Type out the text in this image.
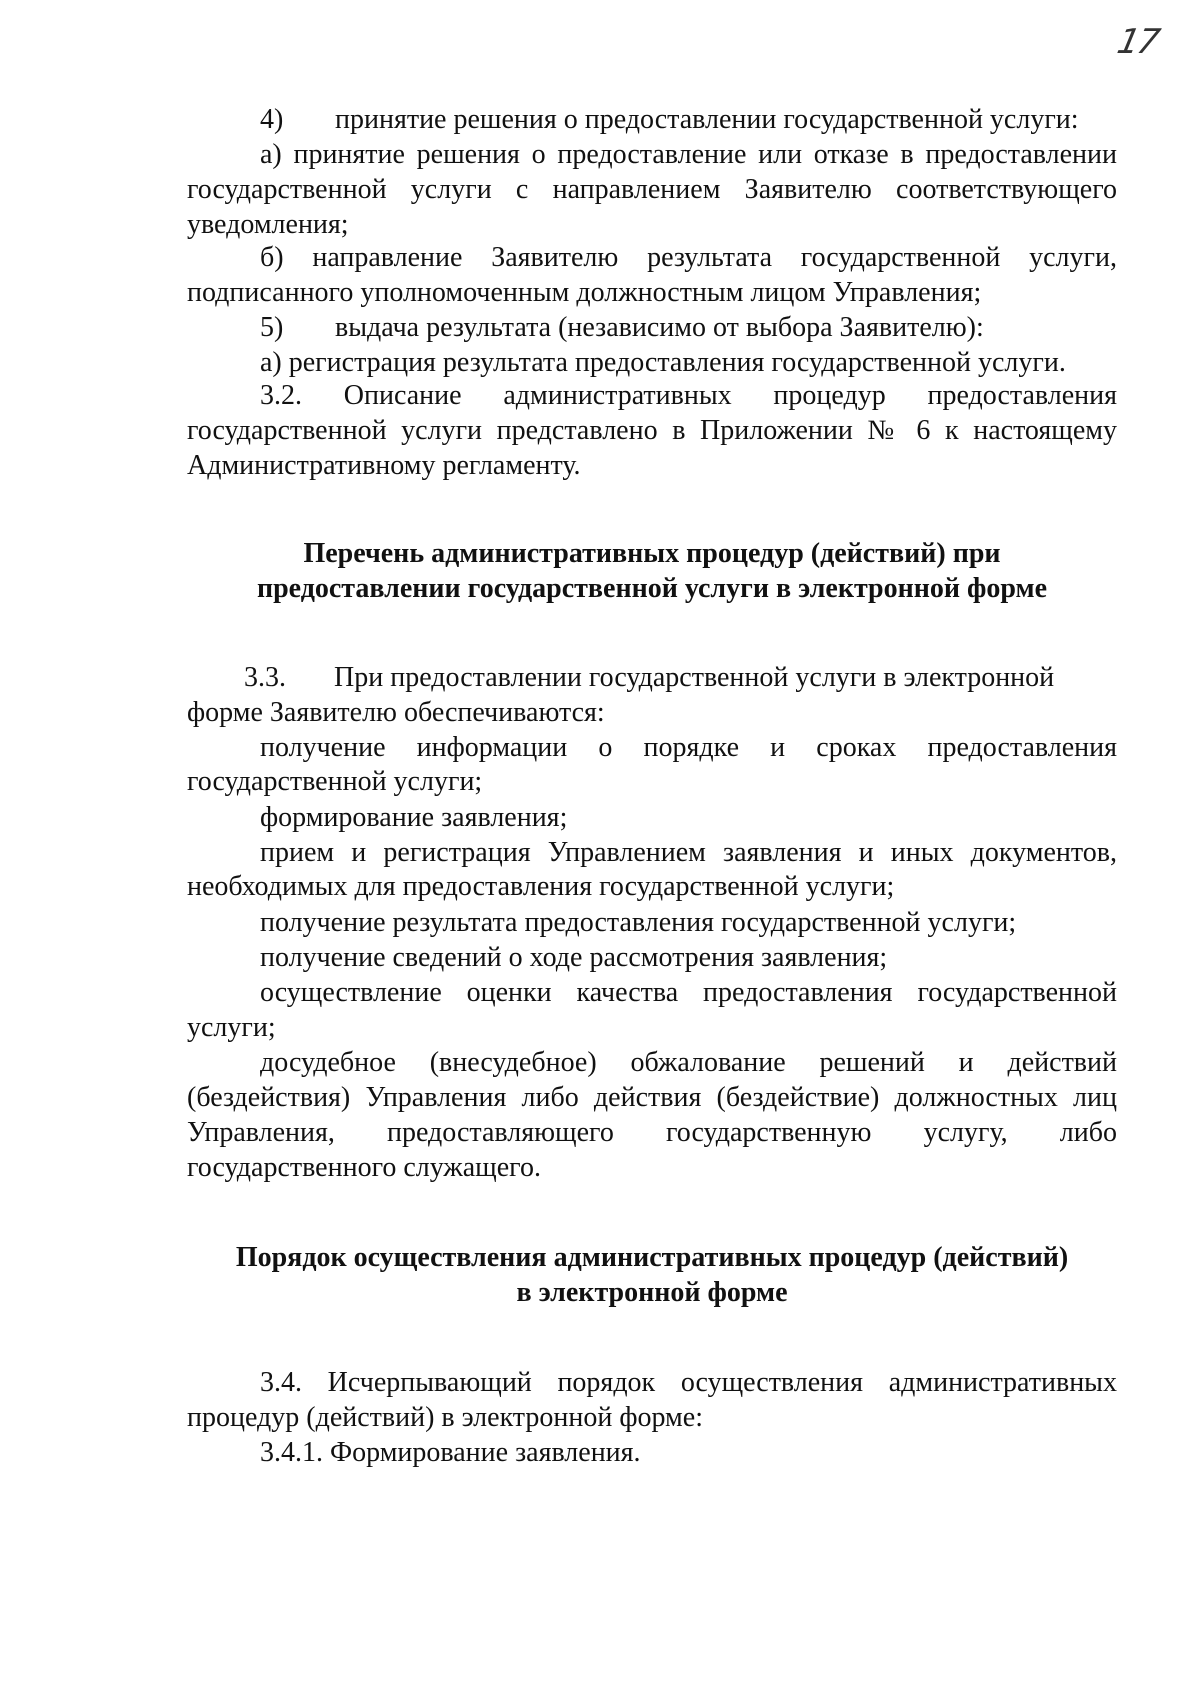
17
4) принятие решения о предоставлении государственной услуги:
а) принятие решения о предоставление или отказе в предоставлении
государственной услуги с направлением Заявителю соответствующего
уведомления;
б) направление Заявителю результата государственной услуги,
подписанного уполномоченным должностным лицом Управления;
5) выдача результата (независимо от выбора Заявителю):
а) регистрация результата предоставления государственной услуги.
3.2. Описание административных процедур предоставления
государственной услуги представлено в Приложении № 6 к настоящему
Административному регламенту.
Перечень административных процедур (действий) при
предоставлении государственной услуги в электронной форме
3.3. При предоставлении государственной услуги в электронной
форме Заявителю обеспечиваются:
получение информации о порядке и сроках предоставления
государственной услуги;
формирование заявления;
прием и регистрация Управлением заявления и иных документов,
необходимых для предоставления государственной услуги;
получение результата предоставления государственной услуги;
получение сведений о ходе рассмотрения заявления;
осуществление оценки качества предоставления государственной
услуги;
досудебное (внесудебное) обжалование решений и действий
(бездействия) Управления либо действия (бездействие) должностных лиц
Управления, предоставляющего государственную услугу, либо
государственного служащего.
Порядок осуществления административных процедур (действий)
в электронной форме
3.4. Исчерпывающий порядок осуществления административных
процедур (действий) в электронной форме:
3.4.1. Формирование заявления.
